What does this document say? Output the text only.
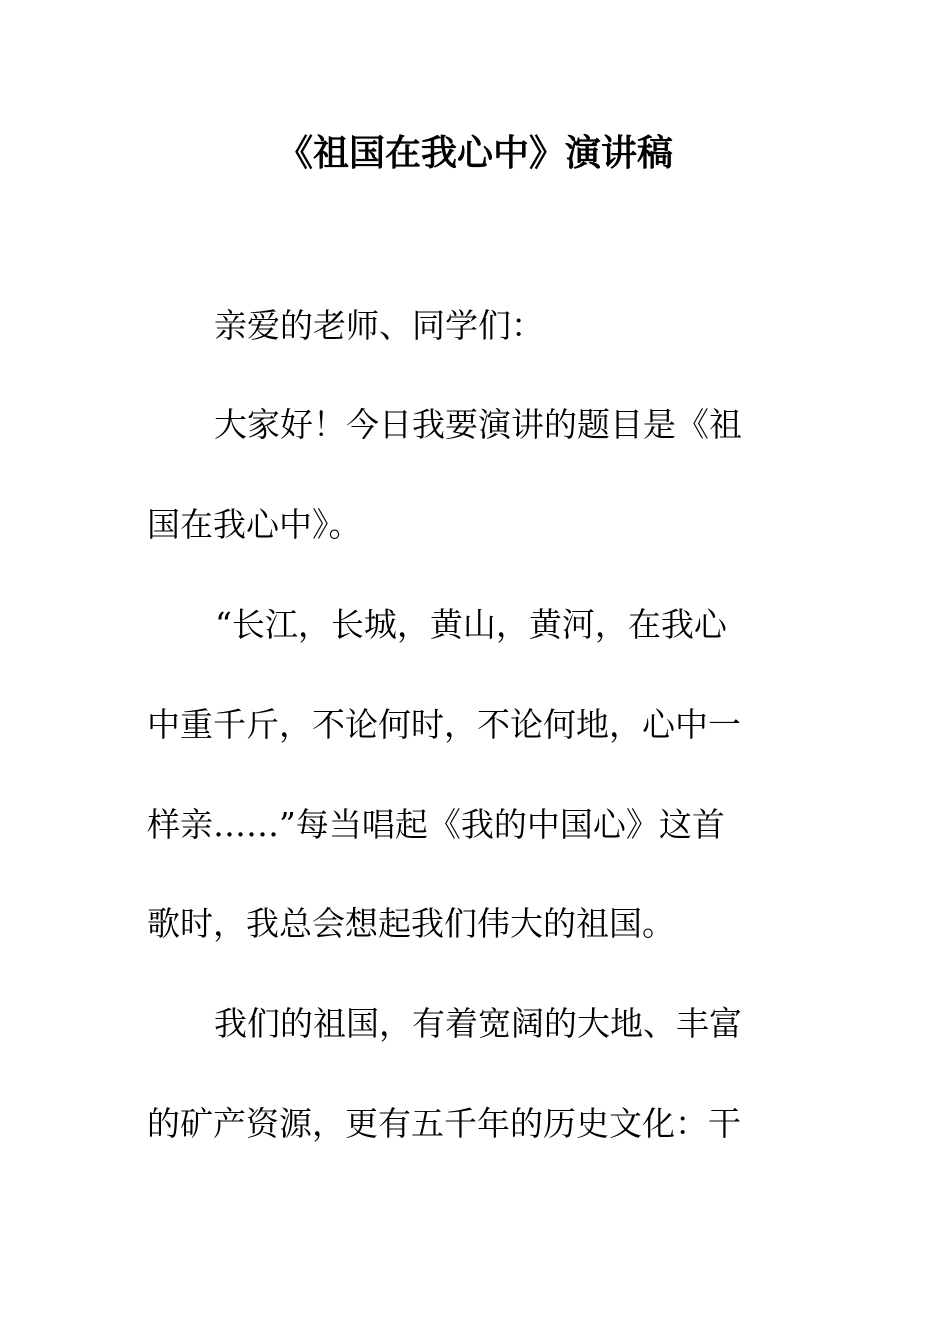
《祖国在我心中》演讲稿
亲爱的老师、同学们：
大家好！今日我要演讲的题目是《祖
国在我心中》。
“长江，长城，黄山，黄河，在我心
中重千斤，不论何时，不论何地，心中一
样亲……”每当唱起《我的中国心》这首
歌时，我总会想起我们伟大的祖国。
我们的祖国，有着宽阔的大地、丰富
的矿产资源，更有五千年的历史文化：干
